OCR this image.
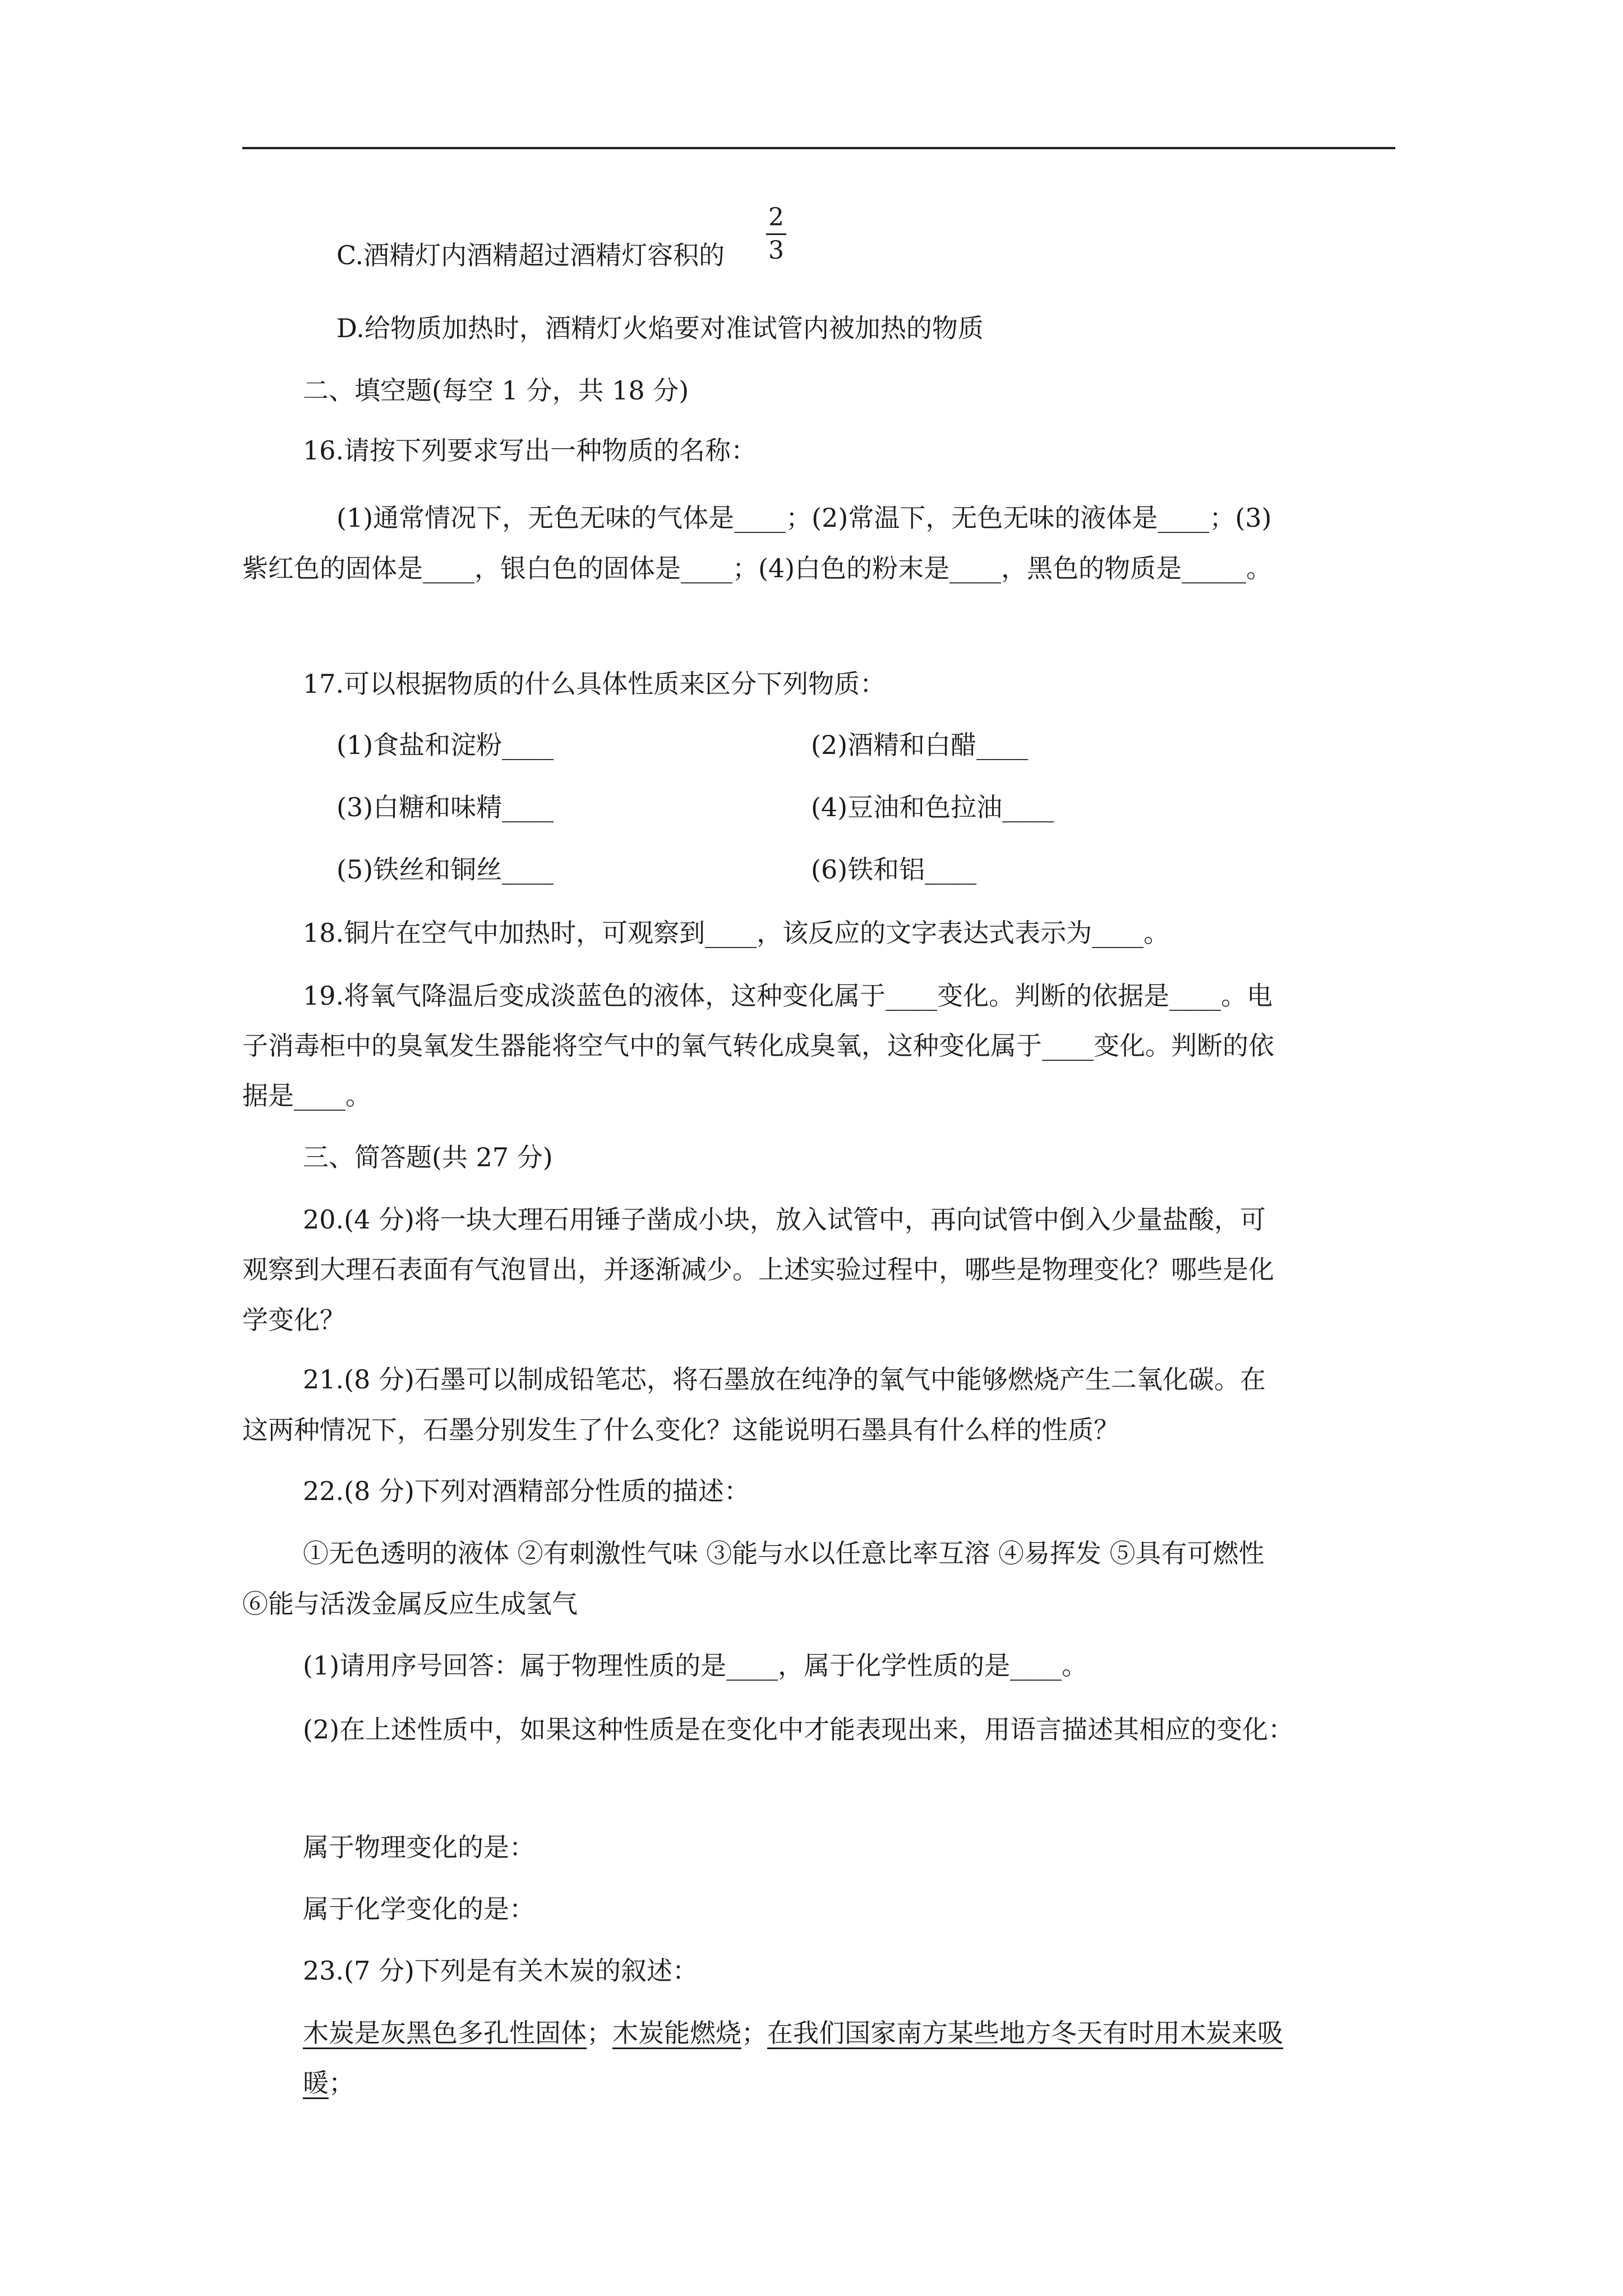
C.酒精灯内酒精超过酒精灯容积的
2
3
D.给物质加热时，酒精灯火焰要对准试管内被加热的物质
二、填空题(每空 1 分，共 18 分)
16.请按下列要求写出一种物质的名称：
(1)通常情况下，无色无味的气体是____；(2)常温下，无色无味的液体是____；(3)
紫红色的固体是____，银白色的固体是____；(4)白色的粉末是____，黑色的物质是_____。
17.可以根据物质的什么具体性质来区分下列物质：
(1)食盐和淀粉____	(2)酒精和白醋____
(3)白糖和味精____	(4)豆油和色拉油____
(5)铁丝和铜丝____	(6)铁和铝____
18.铜片在空气中加热时，可观察到____，该反应的文字表达式表示为____。
19.将氧气降温后变成淡蓝色的液体，这种变化属于____变化。判断的依据是____。电
子消毒柜中的臭氧发生器能将空气中的氧气转化成臭氧，这种变化属于____变化。判断的依
据是____。
三、简答题(共 27 分)
20.(4 分)将一块大理石用锤子凿成小块，放入试管中，再向试管中倒入少量盐酸，可
观察到大理石表面有气泡冒出，并逐渐减少。上述实验过程中，哪些是物理变化？哪些是化
学变化？
21.(8 分)石墨可以制成铅笔芯，将石墨放在纯净的氧气中能够燃烧产生二氧化碳。在
这两种情况下，石墨分别发生了什么变化？这能说明石墨具有什么样的性质？
22.(8 分)下列对酒精部分性质的描述：
①无色透明的液体 ②有刺激性气味 ③能与水以任意比率互溶 ④易挥发 ⑤具有可燃性
⑥能与活泼金属反应生成氢气
(1)请用序号回答：属于物理性质的是____，属于化学性质的是____。
(2)在上述性质中，如果这种性质是在变化中才能表现出来，用语言描述其相应的变化：
属于物理变化的是：
属于化学变化的是：
23.(7 分)下列是有关木炭的叙述：
木炭是灰黑色多孔性固体；木炭能燃烧；在我们国家南方某些地方冬天有时用木炭来吸
暖；
